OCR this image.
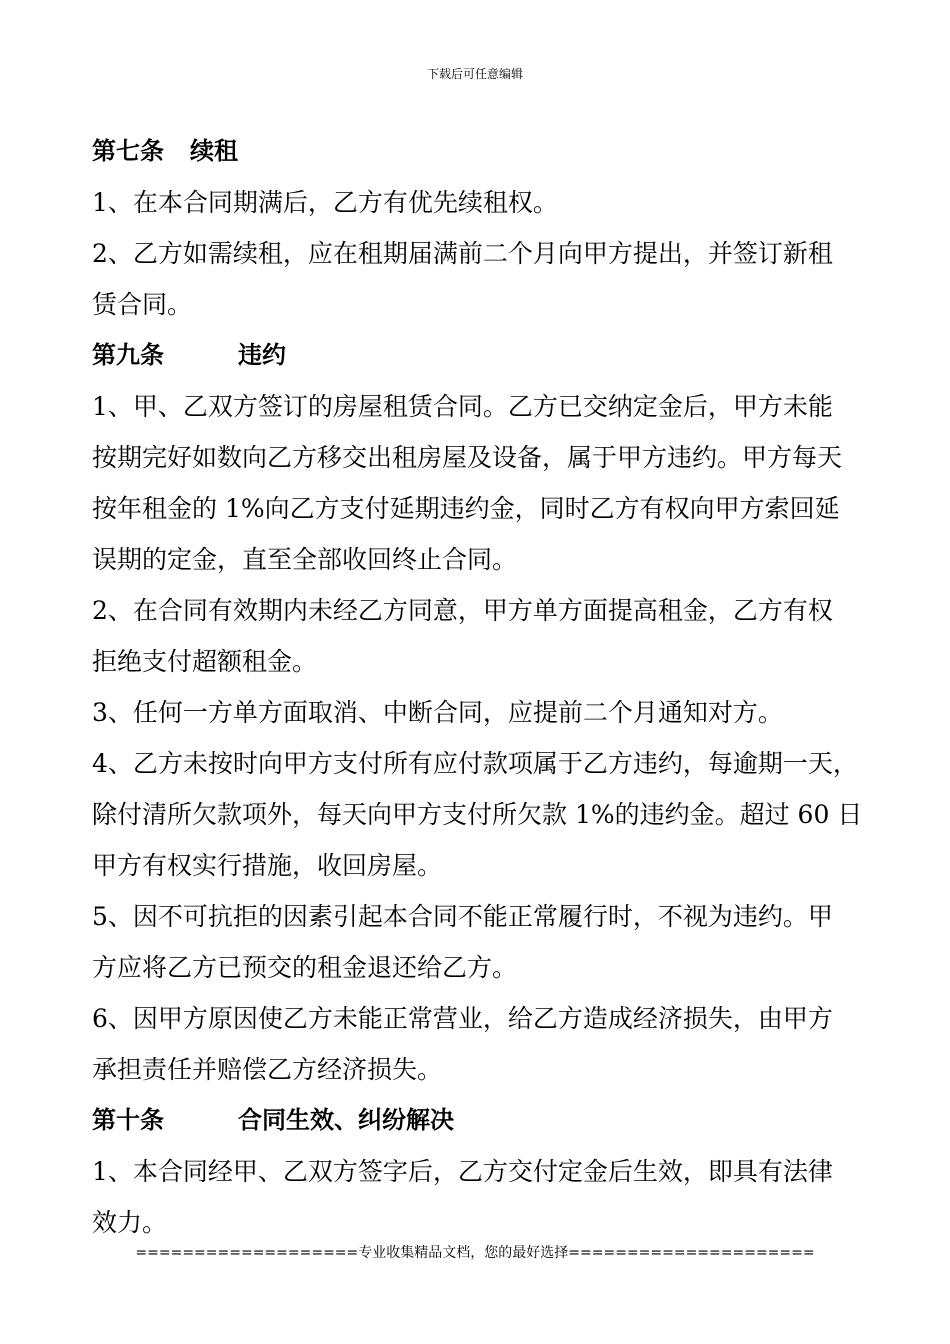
下载后可任意编辑
第七条 续租
1、在本合同期满后，乙方有优先续租权。
2、乙方如需续租，应在租期届满前二个月向甲方提出，并签订新租
赁合同。
第九条	违约
1、甲、乙双方签订的房屋租赁合同。乙方已交纳定金后，甲方未能
按期完好如数向乙方移交出租房屋及设备，属于甲方违约。甲方每天
按年租金的 1%向乙方支付延期违约金，同时乙方有权向甲方索回延
误期的定金，直至全部收回终止合同。
2、在合同有效期内未经乙方同意，甲方单方面提高租金，乙方有权
拒绝支付超额租金。
3、任何一方单方面取消、中断合同，应提前二个月通知对方。
4、乙方未按时向甲方支付所有应付款项属于乙方违约，每逾期一天，
除付清所欠款项外，每天向甲方支付所欠款 1%的违约金。超过 60 日
甲方有权实行措施，收回房屋。
5、因不可抗拒的因素引起本合同不能正常履行时，不视为违约。甲
方应将乙方已预交的租金退还给乙方。
6、因甲方原因使乙方未能正常营业，给乙方造成经济损失，由甲方
承担责任并赔偿乙方经济损失。
第十条	合同生效、纠纷解决
1、本合同经甲、乙双方签字后，乙方交付定金后生效，即具有法律
效力。
===================专业收集精品文档，您的最好选择=====================
